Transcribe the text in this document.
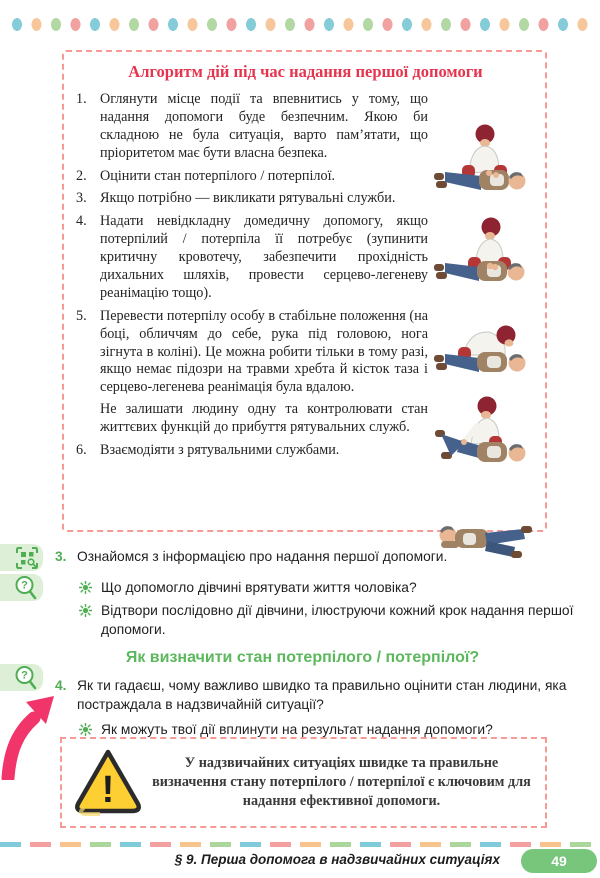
Алгоритм дій під час надання першої допомоги
1. Оглянути місце події та впевнитись у тому, що надання допомоги буде безпечним. Якою би складною не була ситуація, варто пам’ятати, що пріоритетом має бути власна безпека.
2. Оцінити стан потерпілого / потерпілої.
3. Якщо потрібно — викликати рятувальні служби.
4. Надати невідкладну домедичну допомогу, якщо потерпілий / потерпіла її потребує (зупинити критичну кровотечу, забезпечити прохідність дихальних шляхів, провести серцево-легеневу реанімацію тощо).
5. Перевести потерпілу особу в стабільне положення (на боці, обличчям до себе, рука під головою, нога зігнута в коліні). Це можна робити тільки в тому разі, якщо немає підозри на травми хребта й кісток таза і серцево-легенева реанімація була вдалою.
Не залишати людину одну та контролювати стан життєвих функцій до прибуття рятувальних служб.
6. Взаємодіяти з рятувальними службами.
?
?
3. Ознайомся з інформацією про надання першої допомоги.
Що допомогло дівчині врятувати життя чоловіка?
Відтвори послідовно дії дівчини, ілюструючи кожний крок надання першої допомоги.
Як визначити стан потерпілого / потерпілої?
4. Як ти гадаєш, чому важливо швидко та правильно оцінити стан людини, яка постраждала в надзвичайній ситуації?
Як можуть твої дії вплинути на результат надання допомоги?
!
У надзвичайних ситуаціях швидке та правильне визначення стану потерпілого / потерпілої є ключовим для надання ефективної допомоги.
§ 9. Перша допомога в надзвичайних ситуаціях	49
